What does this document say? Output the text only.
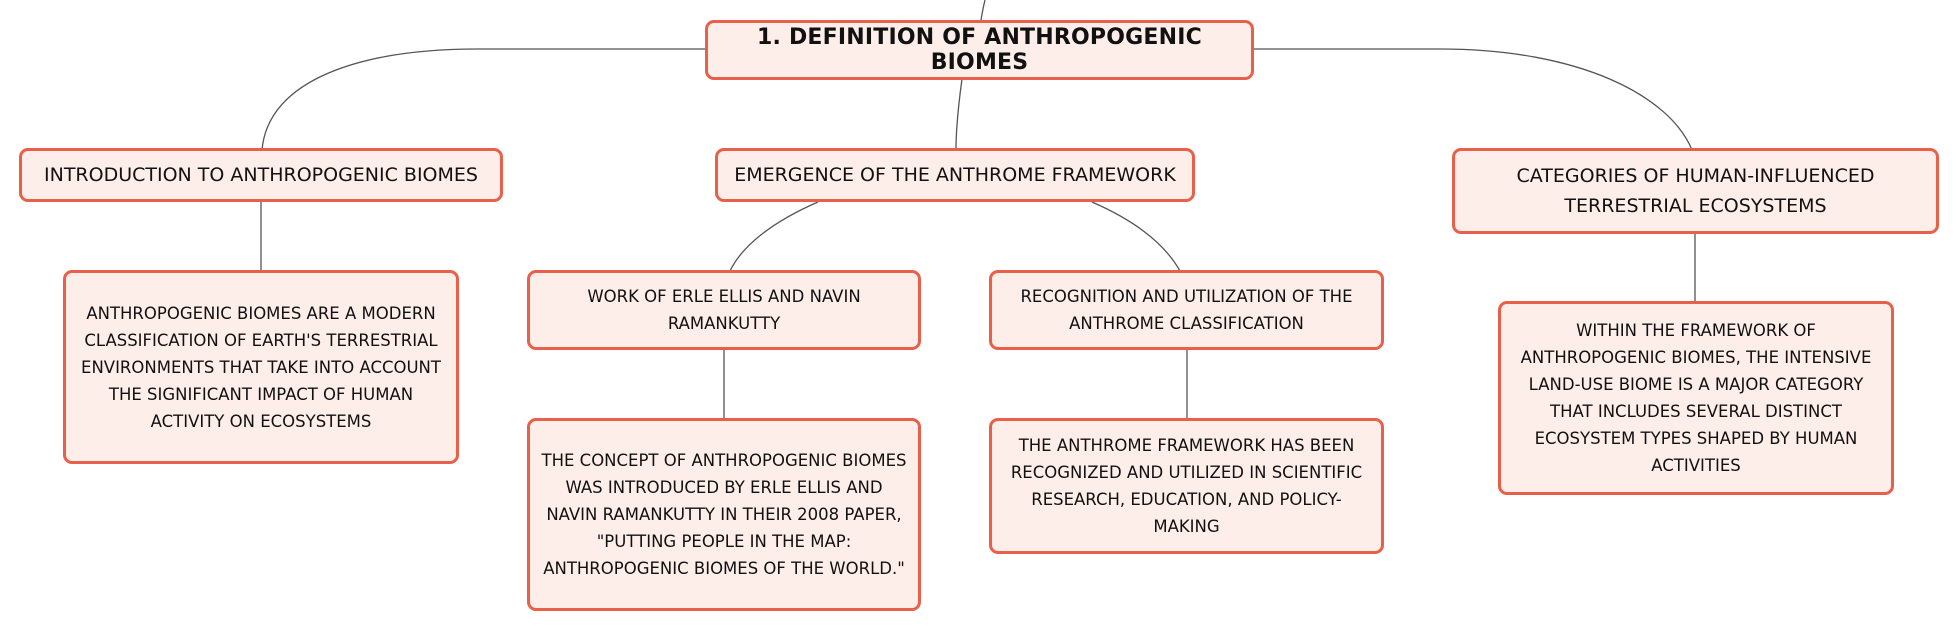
1. DEFINITION OF ANTHROPOGENIC BIOMES
INTRODUCTION TO ANTHROPOGENIC BIOMES	EMERGENCE OF THE ANTHROME FRAMEWORK	CATEGORIES OF HUMAN-INFLUENCED TERRESTRIAL ECOSYSTEMS
WORK OF ERLE ELLIS AND NAVIN RAMANKUTTY
RECOGNITION AND UTILIZATION OF THE ANTHROME CLASSIFICATION
ANTHROPOGENIC BIOMES ARE A MODERN CLASSIFICATION OF EARTH'S TERRESTRIAL ENVIRONMENTS THAT TAKE INTO ACCOUNT THE SIGNIFICANT IMPACT OF HUMAN ACTIVITY ON ECOSYSTEMS
THE CONCEPT OF ANTHROPOGENIC BIOMES WAS INTRODUCED BY ERLE ELLIS AND NAVIN RAMANKUTTY IN THEIR 2008 PAPER, "PUTTING PEOPLE IN THE MAP: ANTHROPOGENIC BIOMES OF THE WORLD."
THE ANTHROME FRAMEWORK HAS BEEN RECOGNIZED AND UTILIZED IN SCIENTIFIC RESEARCH, EDUCATION, AND POLICY-MAKING
WITHIN THE FRAMEWORK OF ANTHROPOGENIC BIOMES, THE INTENSIVE LAND-USE BIOME IS A MAJOR CATEGORY THAT INCLUDES SEVERAL DISTINCT ECOSYSTEM TYPES SHAPED BY HUMAN ACTIVITIES
